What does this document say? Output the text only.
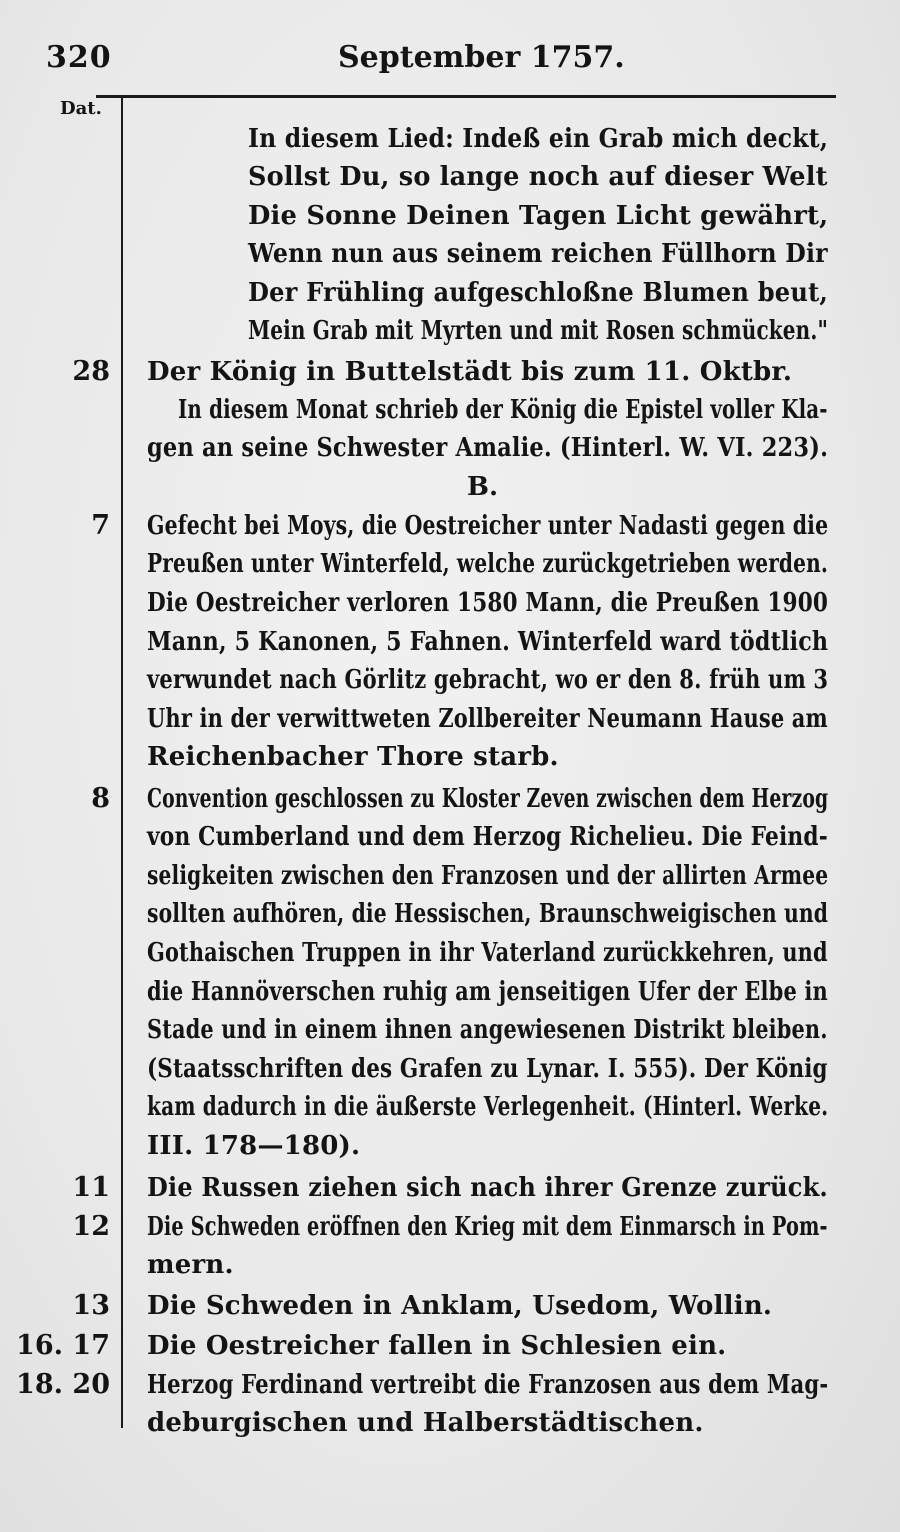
320	September 1757.
Dat.
In diesem Lied: Indeß ein Grab mich deckt,
Sollst Du, so lange noch auf dieser Welt
Die Sonne Deinen Tagen Licht gewährt,
Wenn nun aus seinem reichen Füllhorn Dir
Der Frühling aufgeschloßne Blumen beut,
Mein Grab mit Myrten und mit Rosen schmücken."
28 Der König in Buttelstädt bis zum 11. Oktbr.
In diesem Monat schrieb der König die Epistel voller Kla-
gen an seine Schwester Amalie. (Hinterl. W. VI. 223).
B.
7 Gefecht bei Moys, die Oestreicher unter Nadasti gegen die
Preußen unter Winterfeld, welche zurückgetrieben werden.
Die Oestreicher verloren 1580 Mann, die Preußen 1900
Mann, 5 Kanonen, 5 Fahnen. Winterfeld ward tödtlich
verwundet nach Görlitz gebracht, wo er den 8. früh um 3
Uhr in der verwittweten Zollbereiter Neumann Hause am
Reichenbacher Thore starb.
8 Convention geschlossen zu Kloster Zeven zwischen dem Herzog
von Cumberland und dem Herzog Richelieu. Die Feind-
seligkeiten zwischen den Franzosen und der allirten Armee
sollten aufhören, die Hessischen, Braunschweigischen und
Gothaischen Truppen in ihr Vaterland zurückkehren, und
die Hannöverschen ruhig am jenseitigen Ufer der Elbe in
Stade und in einem ihnen angewiesenen Distrikt bleiben.
(Staatsschriften des Grafen zu Lynar. I. 555). Der König
kam dadurch in die äußerste Verlegenheit. (Hinterl. Werke.
III. 178—180).
11 Die Russen ziehen sich nach ihrer Grenze zurück.
12 Die Schweden eröffnen den Krieg mit dem Einmarsch in Pom-
mern.
13 Die Schweden in Anklam, Usedom, Wollin.
16. 17 Die Oestreicher fallen in Schlesien ein.
18. 20 Herzog Ferdinand vertreibt die Franzosen aus dem Mag-
deburgischen und Halberstädtischen.
